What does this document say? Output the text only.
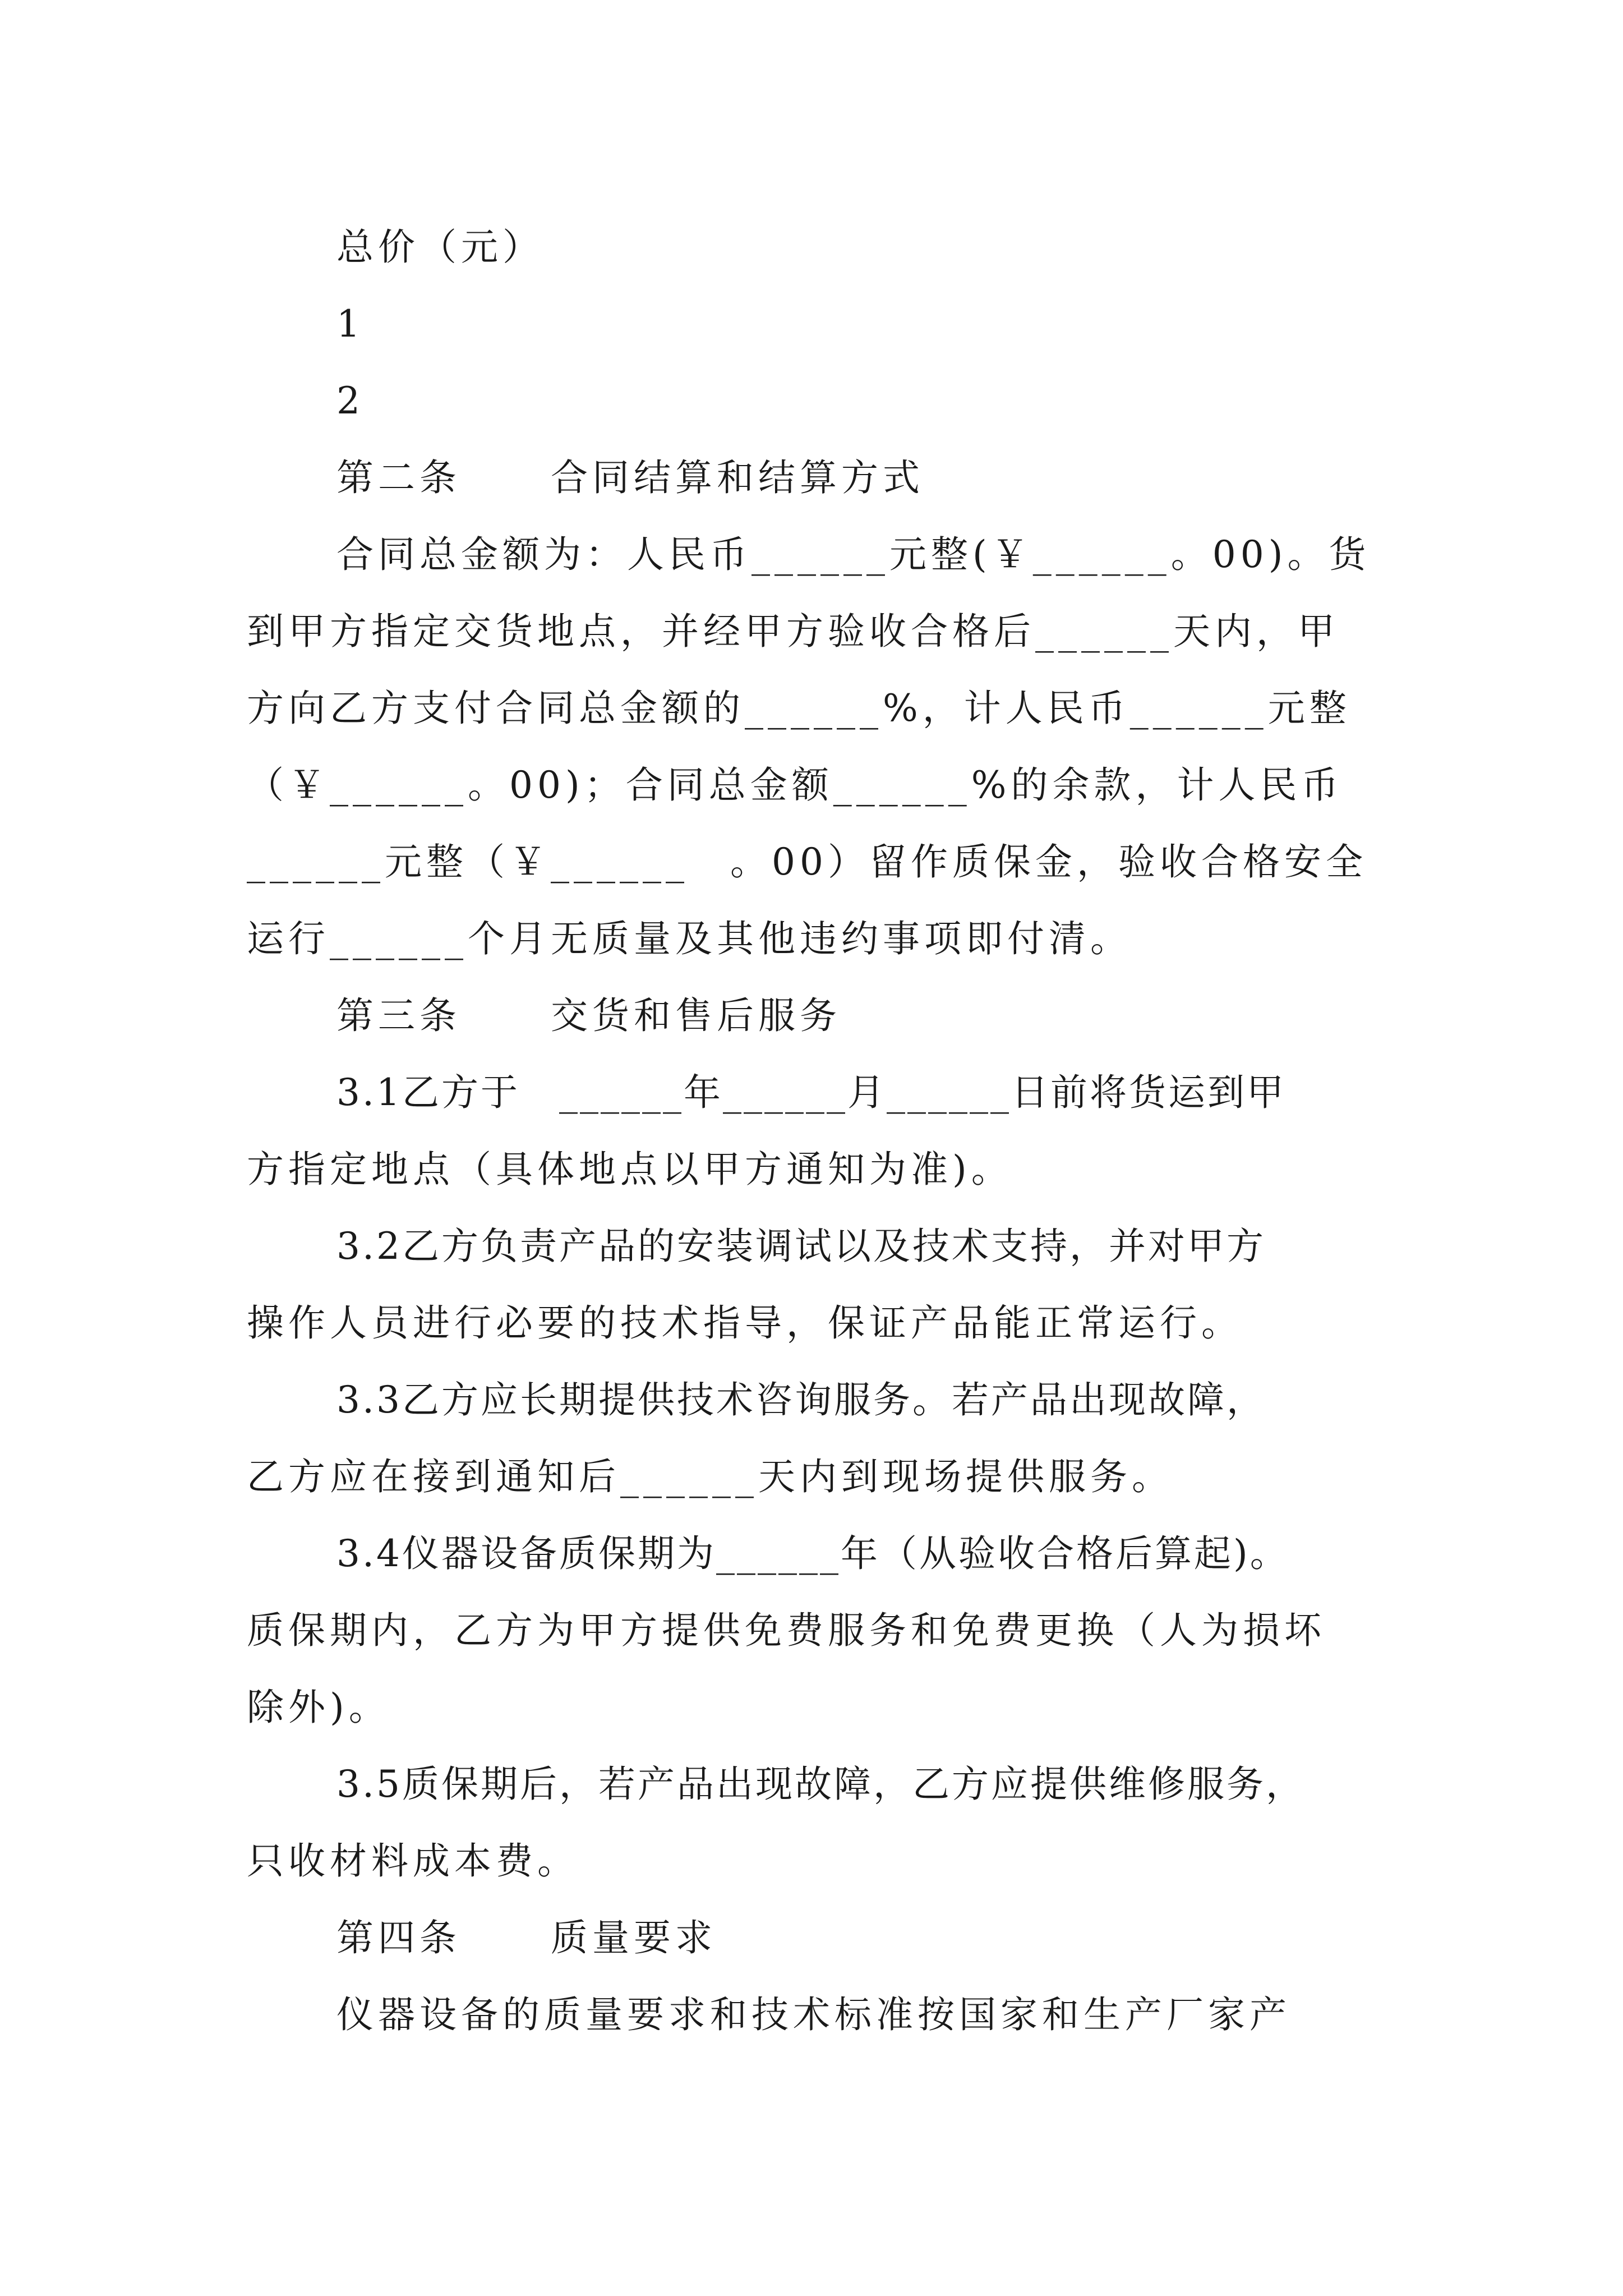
总价（元）
1
2
第二条 合同结算和结算方式
合同总金额为：人民币______元整(￥______。00)。货
到甲方指定交货地点，并经甲方验收合格后______天内，甲
方向乙方支付合同总金额的______%，计人民币______元整
（￥______。00)；合同总金额______%的余款，计人民币
______元整（￥______　。00）留作质保金，验收合格安全
运行______个月无质量及其他违约事项即付清。
第三条 交货和售后服务
3.1乙方于　______年______月______日前将货运到甲
方指定地点（具体地点以甲方通知为准)。
3.2乙方负责产品的安装调试以及技术支持，并对甲方
操作人员进行必要的技术指导，保证产品能正常运行。
3.3乙方应长期提供技术咨询服务。若产品出现故障，
乙方应在接到通知后______天内到现场提供服务。
3.4仪器设备质保期为______年（从验收合格后算起)。
质保期内，乙方为甲方提供免费服务和免费更换（人为损坏
除外)。
3.5质保期后，若产品出现故障，乙方应提供维修服务，
只收材料成本费。
第四条 质量要求
仪器设备的质量要求和技术标准按国家和生产厂家产
